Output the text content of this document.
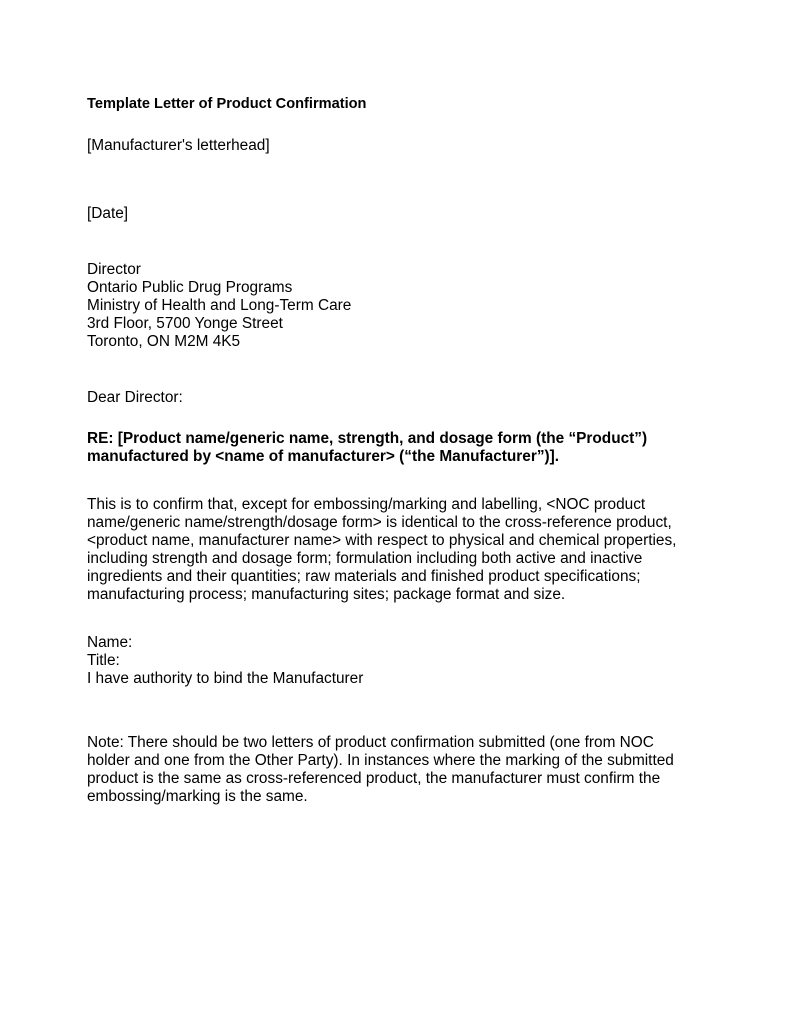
Template Letter of Product Confirmation
[Manufacturer's letterhead]
[Date]
Director
Ontario Public Drug Programs
Ministry of Health and Long-Term Care
3rd Floor, 5700 Yonge Street
Toronto, ON M2M 4K5
Dear Director:
RE: [Product name/generic name, strength, and dosage form (the “Product”)
manufactured by <name of manufacturer> (“the Manufacturer”)].
This is to confirm that, except for embossing/marking and labelling, <NOC product
name/generic name/strength/dosage form> is identical to the cross-reference product,
<product name, manufacturer name> with respect to physical and chemical properties,
including strength and dosage form; formulation including both active and inactive
ingredients and their quantities; raw materials and finished product specifications;
manufacturing process; manufacturing sites; package format and size.
Name:
Title:
I have authority to bind the Manufacturer
Note: There should be two letters of product confirmation submitted (one from NOC
holder and one from the Other Party). In instances where the marking of the submitted
product is the same as cross-referenced product, the manufacturer must confirm the
embossing/marking is the same.
